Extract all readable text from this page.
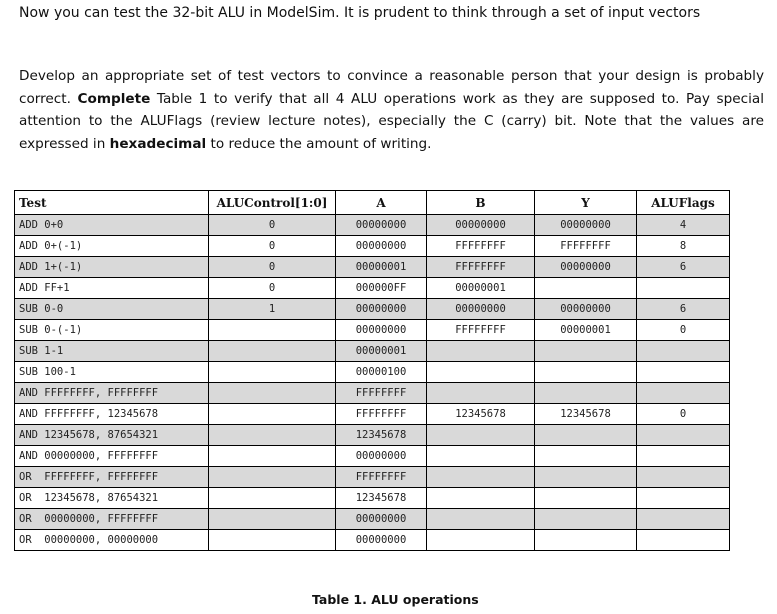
Now you can test the 32-bit ALU in ModelSim. It is prudent to think through a set of input vectors
Develop an appropriate set of test vectors to convince a reasonable person that your design is probably correct. Complete Table 1 to verify that all 4 ALU operations work as they are supposed to. Pay special attention to the ALUFlags (review lecture notes), especially the C (carry) bit. Note that the values are expressed in hexadecimal to reduce the amount of writing.
Test	ALUControl[1:0]	A	B	Y	ALUFlags
ADD 0+0	0	00000000	00000000	00000000	4
ADD 0+(-1)	0	00000000	FFFFFFFF	FFFFFFFF	8
ADD 1+(-1)	0	00000001	FFFFFFFF	00000000	6
ADD FF+1	0	000000FF	00000001		
SUB 0-0	1	00000000	00000000	00000000	6
SUB 0-(-1)		00000000	FFFFFFFF	00000001	0
SUB 1-1		00000001			
SUB 100-1		00000100			
AND FFFFFFFF, FFFFFFFF		FFFFFFFF			
AND FFFFFFFF, 12345678		FFFFFFFF	12345678	12345678	0
AND 12345678, 87654321		12345678			
AND 00000000, FFFFFFFF		00000000			
OR  FFFFFFFF, FFFFFFFF		FFFFFFFF			
OR  12345678, 87654321		12345678			
OR  00000000, FFFFFFFF		00000000			
OR  00000000, 00000000		00000000			
Table 1. ALU operations
